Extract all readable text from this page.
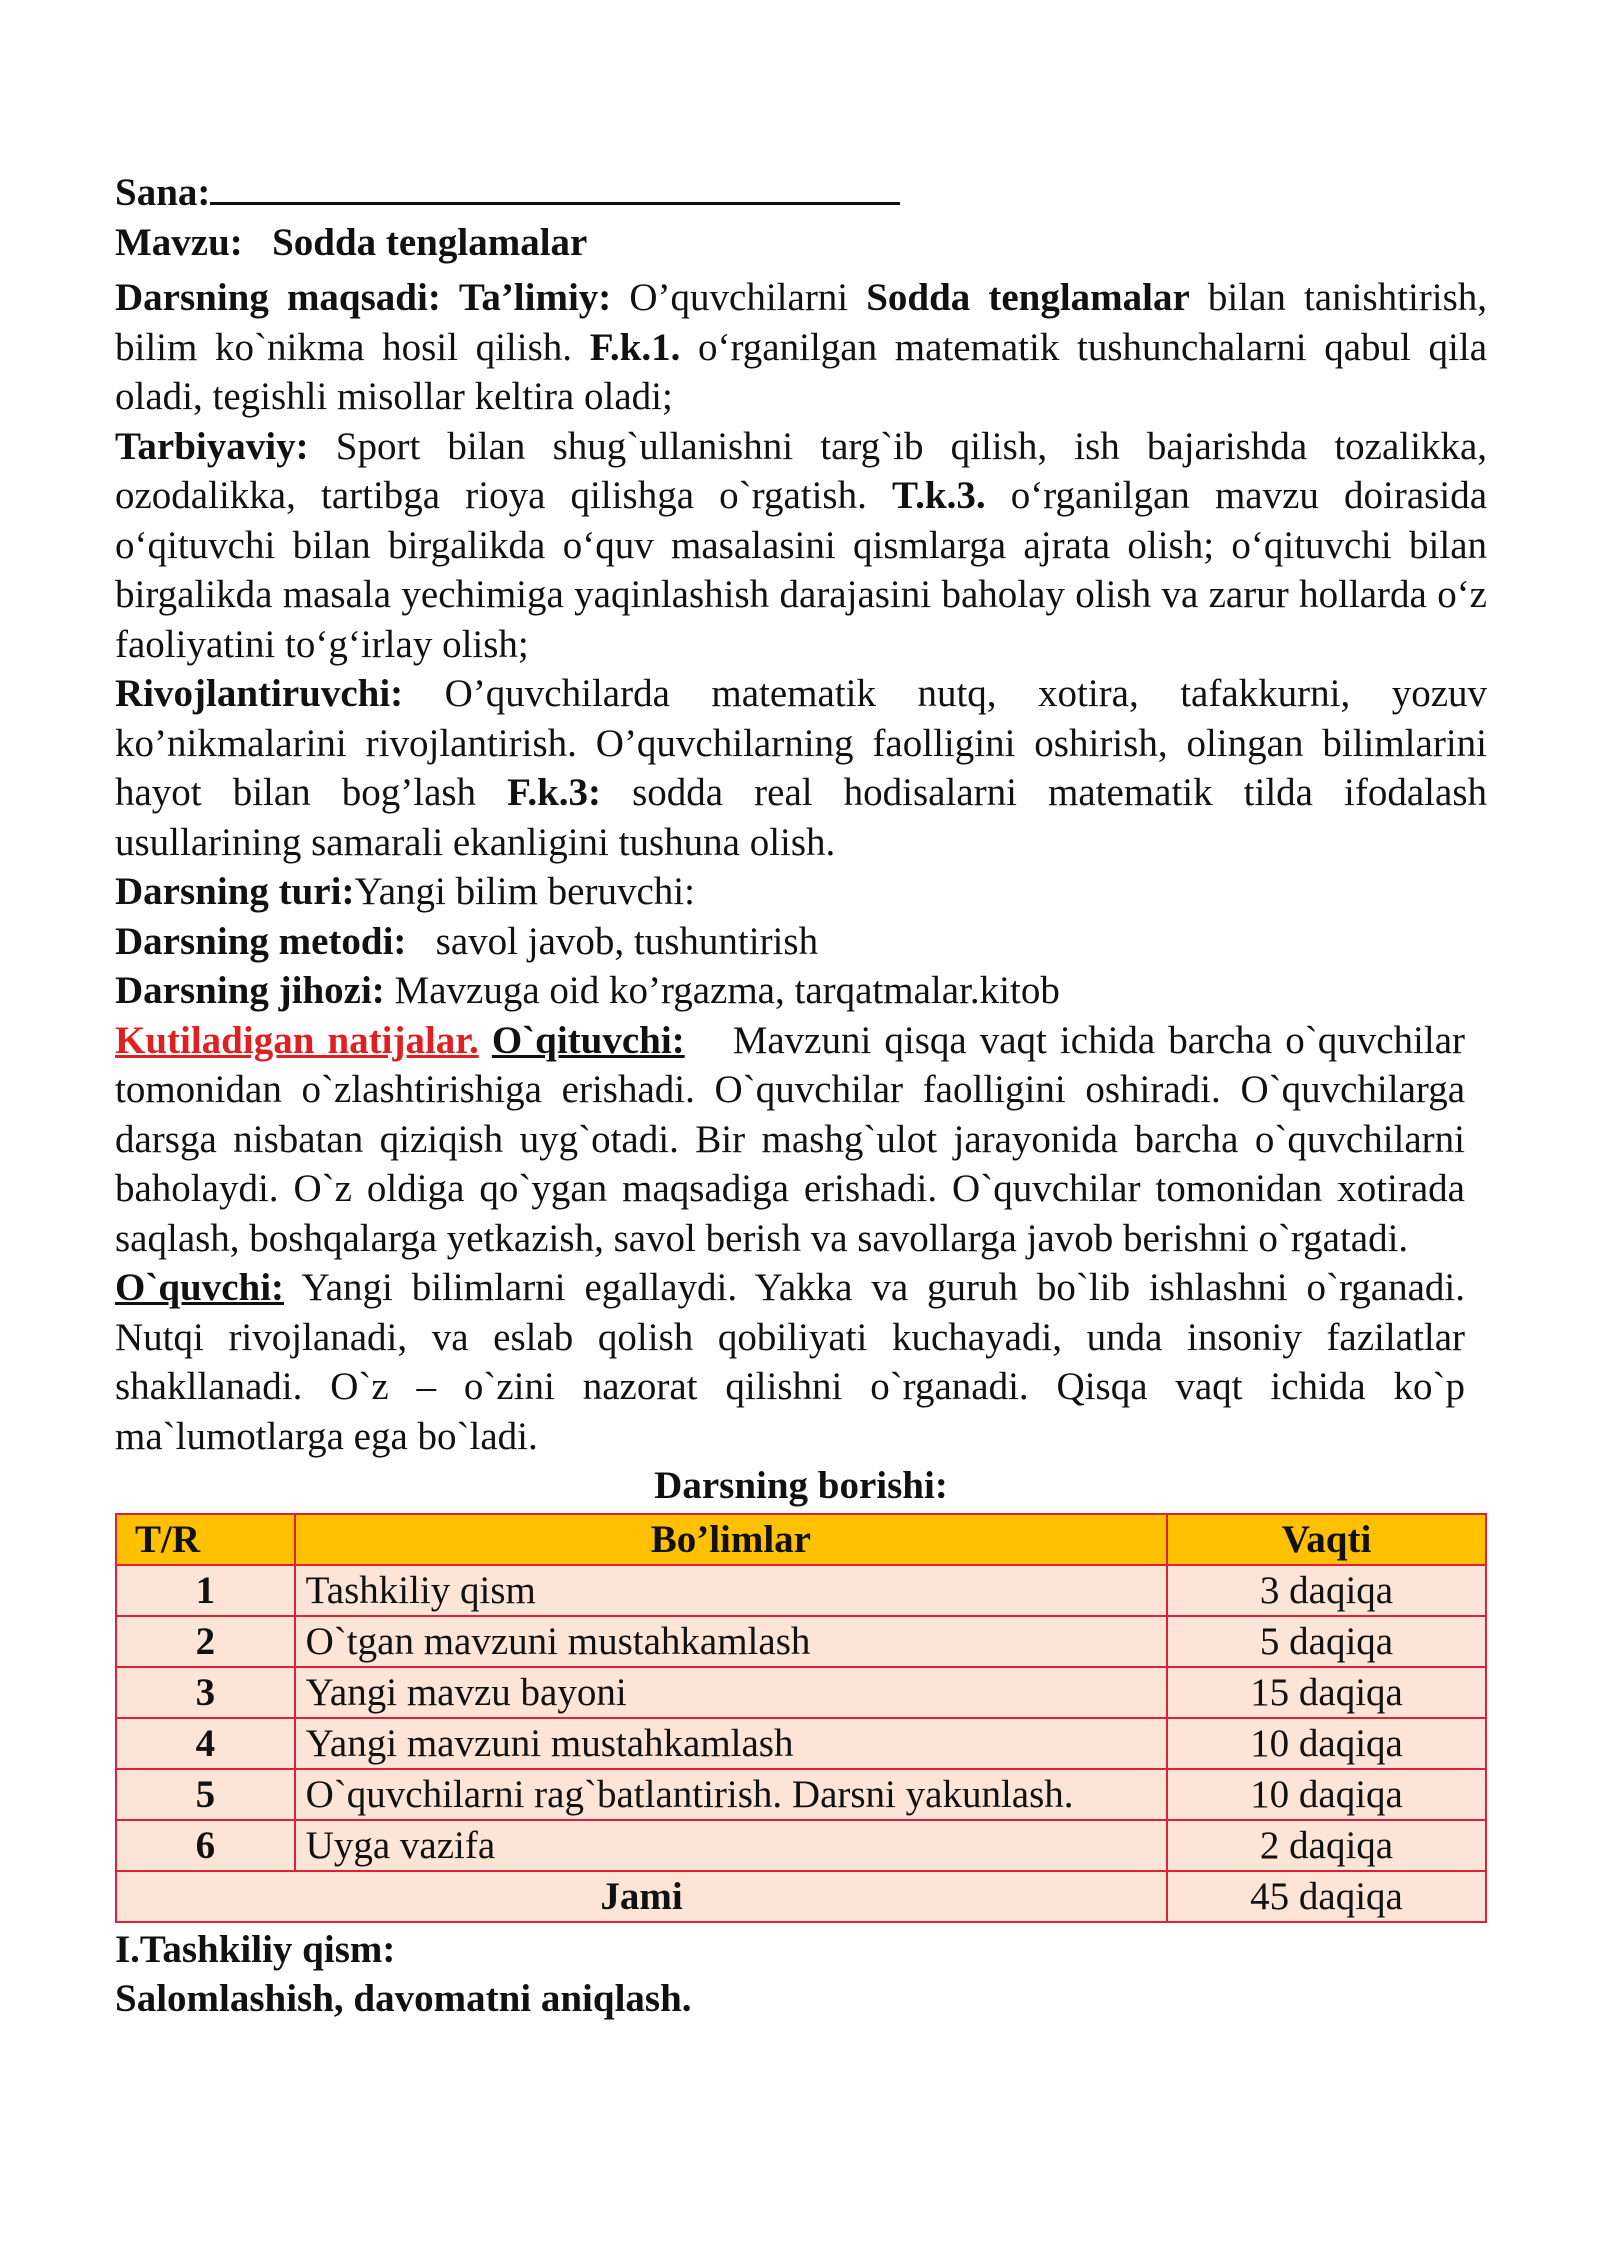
Sana:

Mavzu: Sodda tenglamalar

Darsning maqsadi: Ta’limiy: O’quvchilarni Sodda tenglamalar bilan tanishtirish, bilim ko`nikma hosil qilish. F.k.1. o‘rganilgan matematik tushunchalarni qabul qila oladi, tegishli misollar keltira oladi;

Tarbiyaviy: Sport bilan shug`ullanishni targ`ib qilish, ish bajarishda tozalikka, ozodalikka, tartibga rioya qilishga o`rgatish. T.k.3. o‘rganilgan mavzu doirasida o‘qituvchi bilan birgalikda o‘quv masalasini qismlarga ajrata olish; o‘qituvchi bilan birgalikda masala yechimiga yaqinlashish darajasini baholay olish va zarur hollarda o‘z faoliyatini to‘g‘irlay olish;

Rivojlantiruvchi: O’quvchilarda matematik nutq, xotira, tafakkurni, yozuv ko’nikmalarini rivojlantirish. O’quvchilarning faolligini oshirish, olingan bilimlarini hayot bilan bog’lash F.k.3: sodda real hodisalarni matematik tilda ifodalash usullarining samarali ekanligini tushuna olish.

Darsning turi:Yangi bilim beruvchi:

Darsning metodi: savol javob, tushuntirish

Darsning jihozi: Mavzuga oid ko’rgazma, tarqatmalar.kitob

Kutiladigan natijalar. O`qituvchi: Mavzuni qisqa vaqt ichida barcha o`quvchilar tomonidan o`zlashtirishiga erishadi. O`quvchilar faolligini oshiradi. O`quvchilarga darsga nisbatan qiziqish uyg`otadi. Bir mashg`ulot jarayonida barcha o`quvchilarni baholaydi. O`z oldiga qo`ygan maqsadiga erishadi. O`quvchilar tomonidan xotirada saqlash, boshqalarga yetkazish, savol berish va savollarga javob berishni o`rgatadi.

O`quvchi: Yangi bilimlarni egallaydi. Yakka va guruh bo`lib ishlashni o`rganadi. Nutqi rivojlanadi, va eslab qolish qobiliyati kuchayadi, unda insoniy fazilatlar shakllanadi. O`z – o`zini nazorat qilishni o`rganadi. Qisqa vaqt ichida ko`p ma`lumotlarga ega bo`ladi.

Darsning borishi:

T/R	Bo’limlar	Vaqti
1	Tashkiliy qism	3 daqiqa
2	O`tgan mavzuni mustahkamlash	5 daqiqa
3	Yangi mavzu bayoni	15 daqiqa
4	Yangi mavzuni mustahkamlash	10 daqiqa
5	O`quvchilarni rag`batlantirish. Darsni yakunlash.	10 daqiqa
6	Uyga vazifa	2 daqiqa
Jami		45 daqiqa

I.Tashkiliy qism:

Salomlashish, davomatni aniqlash.
